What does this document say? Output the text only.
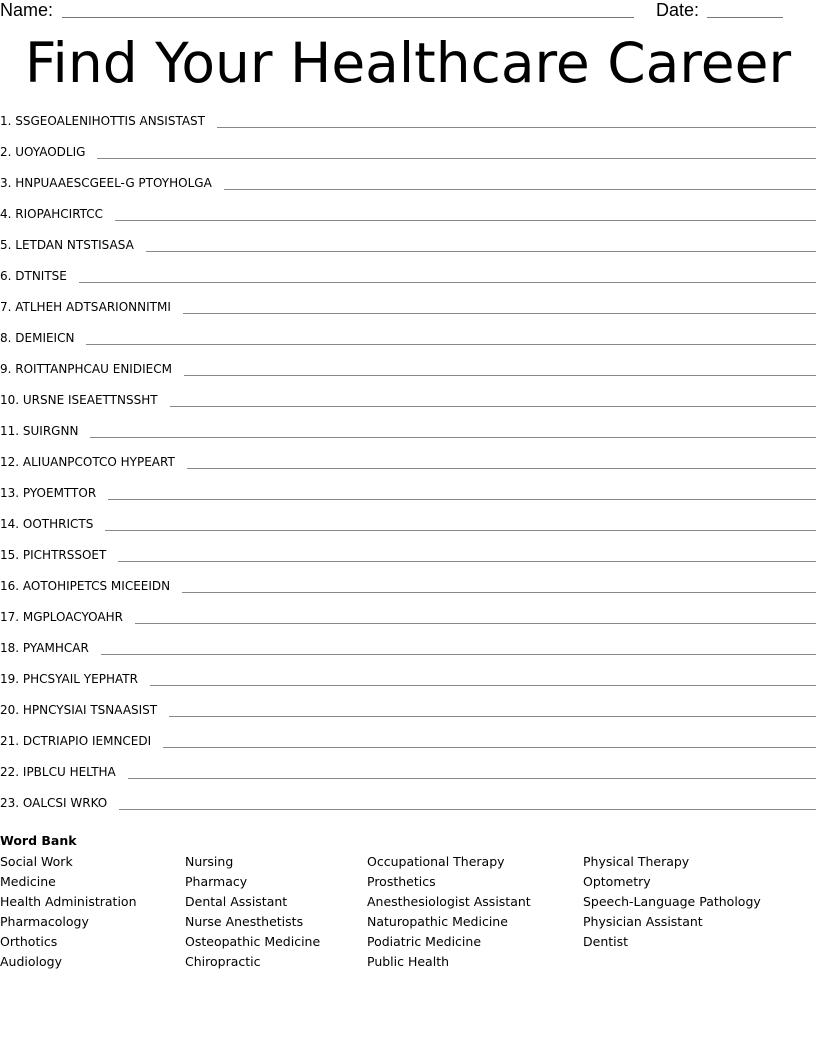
Name:	Date:
Find Your Healthcare Career
1. SSGEOALENIHOTTIS ANSISTAST
2. UOYAODLIG
3. HNPUAAESCGEEL-G PTOYHOLGA
4. RIOPAHCIRTCC
5. LETDAN NTSTISASA
6. DTNITSE
7. ATLHEH ADTSARIONNITMI
8. DEMIEICN
9. ROITTANPHCAU ENIDIECM
10. URSNE ISEAETTNSSHT
11. SUIRGNN
12. ALIUANPCOTCO HYPEART
13. PYOEMTTOR
14. OOTHRICTS
15. PICHTRSSOET
16. AOTOHIPETCS MICEEIDN
17. MGPLOACYOAHR
18. PYAMHCAR
19. PHCSYAIL YEPHATR
20. HPNCYSIAI TSNAASIST
21. DCTRIAPIO IEMNCEDI
22. IPBLCU HELTHA
23. OALCSI WRKO
Word Bank
Social Work
Medicine
Health Administration
Pharmacology
Orthotics
Audiology
Nursing
Pharmacy
Dental Assistant
Nurse Anesthetists
Osteopathic Medicine
Chiropractic
Occupational Therapy
Prosthetics
Anesthesiologist Assistant
Naturopathic Medicine
Podiatric Medicine
Public Health
Physical Therapy
Optometry
Speech-Language Pathology
Physician Assistant
Dentist
